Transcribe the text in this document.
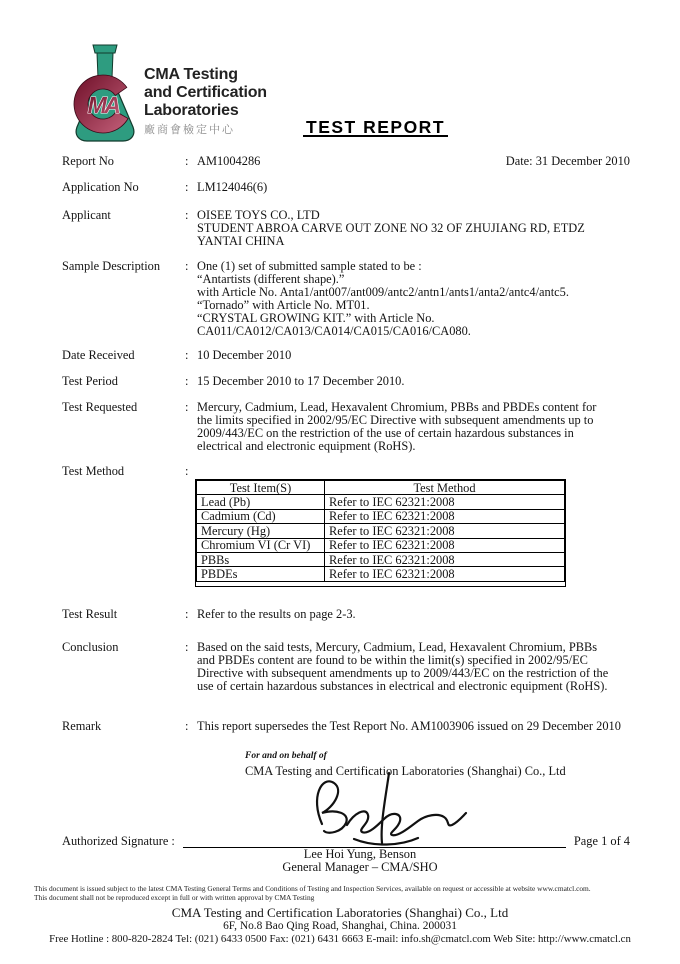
MA
CMA Testing
and Certification
Laboratories
廠商會檢定中心	TEST REPORT
Report No	: AM1004286	Date: 31 December 2010
Application No	: LM124046(6)
Applicant	: OISEE TOYS CO., LTD
STUDENT ABROA CARVE OUT ZONE NO 32 OF ZHUJIANG RD, ETDZ
YANTAI CHINA
Sample Description	: One (1) set of submitted sample stated to be :
“Antartists (different shape).”
with Article No. Anta1/ant007/ant009/antc2/antn1/ants1/anta2/antc4/antc5.
“Tornado” with Article No. MT01.
“CRYSTAL GROWING KIT.” with Article No.
CA011/CA012/CA013/CA014/CA015/CA016/CA080.
Date Received	: 10 December 2010
Test Period	: 15 December 2010 to 17 December 2010.
Test Requested	: Mercury, Cadmium, Lead, Hexavalent Chromium, PBBs and PBDEs content for
the limits specified in 2002/95/EC Directive with subsequent amendments up to
2009/443/EC on the restriction of the use of certain hazardous substances in
electrical and electronic equipment (RoHS).
Test Method	:
Test Item(S)	Test Method
Lead (Pb)	Refer to IEC 62321:2008
Cadmium (Cd)	Refer to IEC 62321:2008
Mercury (Hg)	Refer to IEC 62321:2008
Chromium VI (Cr VI)	Refer to IEC 62321:2008
PBBs	Refer to IEC 62321:2008
PBDEs	Refer to IEC 62321:2008
Test Result	: Refer to the results on page 2-3.
Conclusion	: Based on the said tests, Mercury, Cadmium, Lead, Hexavalent Chromium, PBBs
and PBDEs content are found to be within the limit(s) specified in 2002/95/EC
Directive with subsequent amendments up to 2009/443/EC on the restriction of the
use of certain hazardous substances in electrical and electronic equipment (RoHS).
Remark	: This report supersedes the Test Report No. AM1003906 issued on 29 December 2010
For and on behalf of
CMA Testing and Certification Laboratories (Shanghai) Co., Ltd
Authorized Signature :	Page 1 of 4
Lee Hoi Yung, Benson
General Manager – CMA/SHO
This document is issued subject to the latest CMA Testing General Terms and Conditions of Testing and Inspection Services, available on request or accessible at website www.cmatcl.com.
This document shall not be reproduced except in full or with written approval by CMA Testing
CMA Testing and Certification Laboratories (Shanghai) Co., Ltd
6F, No.8 Bao Qing Road, Shanghai, China. 200031
Free Hotline : 800-820-2824 Tel: (021) 6433 0500 Fax: (021) 6431 6663 E-mail: info.sh@cmatcl.com Web Site: http://www.cmatcl.cn
